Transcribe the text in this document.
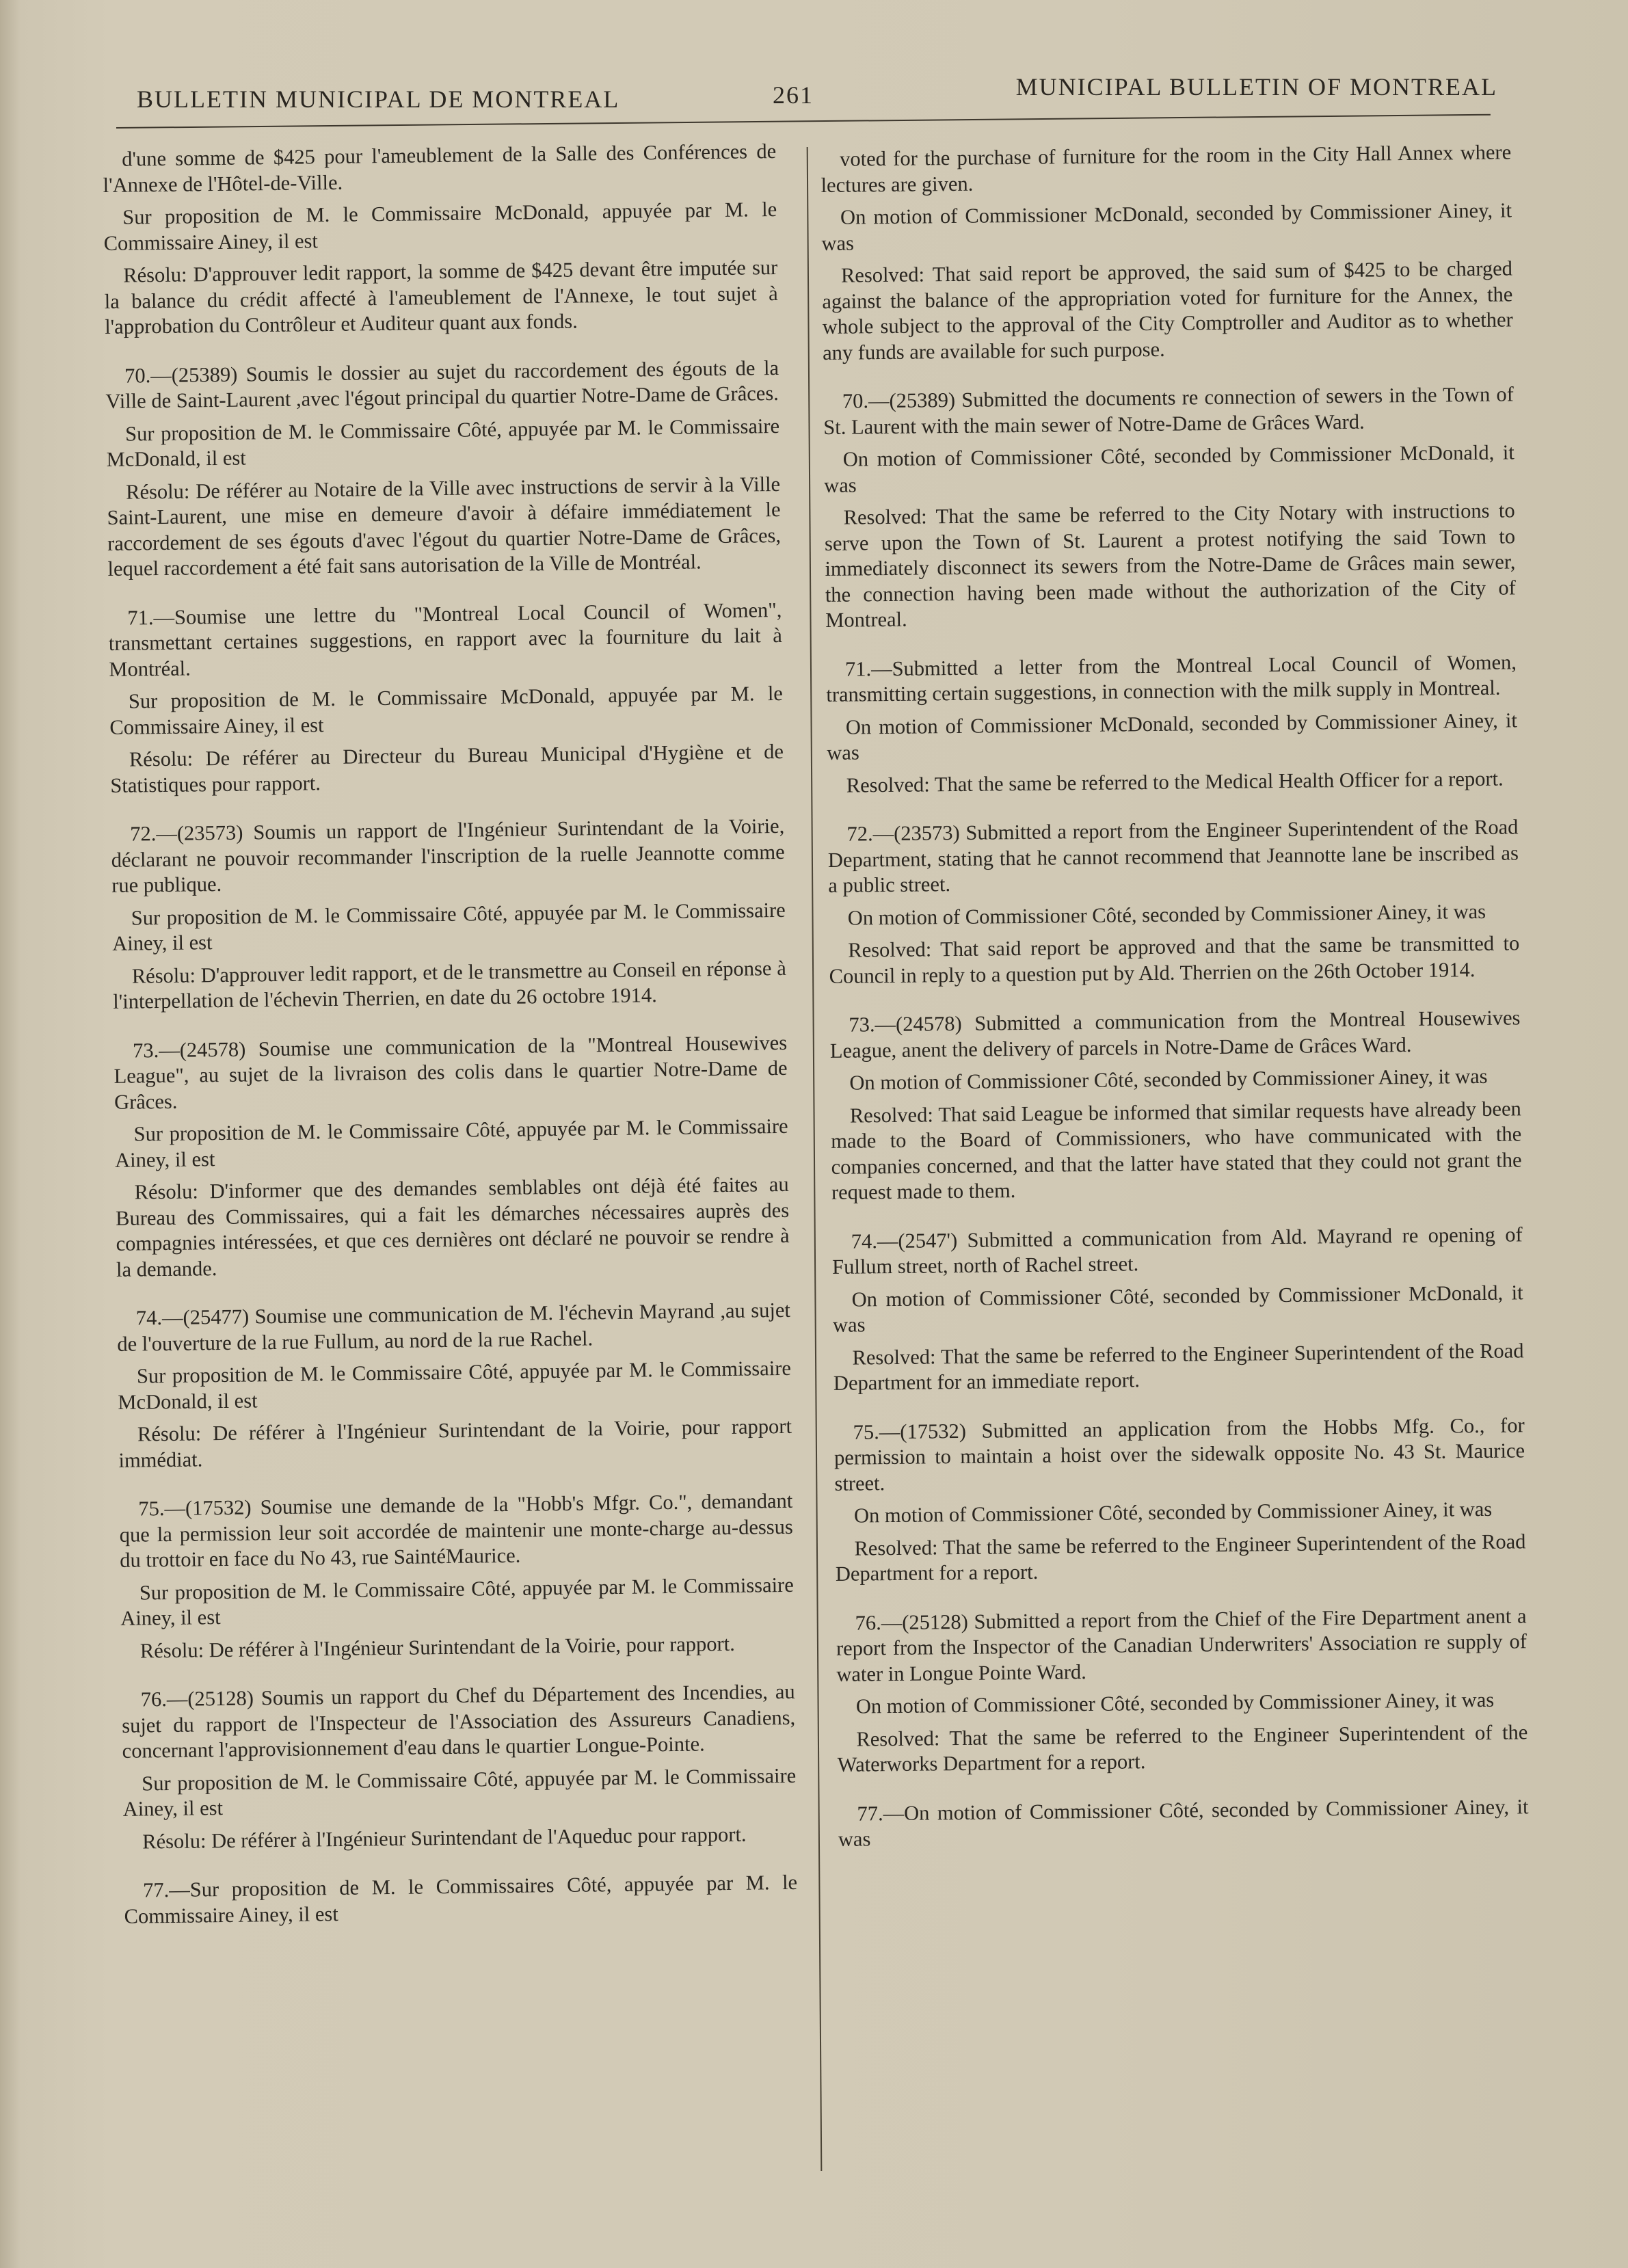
BULLETIN MUNICIPAL DE MONTREAL	261	MUNICIPAL BULLETIN OF MONTREAL

d'une somme de $425 pour l'ameublement de la Salle des Conférences de l'Annexe de l'Hôtel-de-Ville.

Sur proposition de M. le Commissaire McDonald, appuyée par M. le Commissaire Ainey, il est

Résolu: D'approuver ledit rapport, la somme de $425 devant être imputée sur la balance du crédit affecté à l'ameublement de l'Annexe, le tout sujet à l'approbation du Contrôleur et Auditeur quant aux fonds.

70.—(25389) Soumis le dossier au sujet du raccordement des égouts de la Ville de Saint-Laurent ,avec l'égout principal du quartier Notre-Dame de Grâces.

Sur proposition de M. le Commissaire Côté, appuyée par M. le Commissaire McDonald, il est

Résolu: De référer au Notaire de la Ville avec instructions de servir à la Ville Saint-Laurent, une mise en demeure d'avoir à défaire immédiatement le raccordement de ses égouts d'avec l'égout du quartier Notre-Dame de Grâces, lequel raccordement a été fait sans autorisation de la Ville de Montréal.

71.—Soumise une lettre du "Montreal Local Council of Women", transmettant certaines suggestions, en rapport avec la fourniture du lait à Montréal.

Sur proposition de M. le Commissaire McDonald, appuyée par M. le Commissaire Ainey, il est

Résolu: De référer au Directeur du Bureau Municipal d'Hygiène et de Statistiques pour rapport.

72.—(23573) Soumis un rapport de l'Ingénieur Surintendant de la Voirie, déclarant ne pouvoir recommander l'inscription de la ruelle Jeannotte comme rue publique.

Sur proposition de M. le Commissaire Côté, appuyée par M. le Commissaire Ainey, il est

Résolu: D'approuver ledit rapport, et de le transmettre au Conseil en réponse à l'interpellation de l'échevin Therrien, en date du 26 octobre 1914.

73.—(24578) Soumise une communication de la "Montreal Housewives League", au sujet de la livraison des colis dans le quartier Notre-Dame de Grâces.

Sur proposition de M. le Commissaire Côté, appuyée par M. le Commissaire Ainey, il est

Résolu: D'informer que des demandes semblables ont déjà été faites au Bureau des Commissaires, qui a fait les démarches nécessaires auprès des compagnies intéressées, et que ces dernières ont déclaré ne pouvoir se rendre à la demande.

74.—(25477) Soumise une communication de M. l'échevin Mayrand ,au sujet de l'ouverture de la rue Fullum, au nord de la rue Rachel.

Sur proposition de M. le Commissaire Côté, appuyée par M. le Commissaire McDonald, il est

Résolu: De référer à l'Ingénieur Surintendant de la Voirie, pour rapport immédiat.

75.—(17532) Soumise une demande de la "Hobb's Mfgr. Co.", demandant que la permission leur soit accordée de maintenir une monte-charge au-dessus du trottoir en face du No 43, rue SaintéMaurice.

Sur proposition de M. le Commissaire Côté, appuyée par M. le Commissaire Ainey, il est

Résolu: De référer à l'Ingénieur Surintendant de la Voirie, pour rapport.

76.—(25128) Soumis un rapport du Chef du Département des Incendies, au sujet du rapport de l'Inspecteur de l'Association des Assureurs Canadiens, concernant l'approvisionnement d'eau dans le quartier Longue-Pointe.

Sur proposition de M. le Commissaire Côté, appuyée par M. le Commissaire Ainey, il est

Résolu: De référer à l'Ingénieur Surintendant de l'Aqueduc pour rapport.

77.—Sur proposition de M. le Commissaires Côté, appuyée par M. le Commissaire Ainey, il est

voted for the purchase of furniture for the room in the City Hall Annex where lectures are given.

On motion of Commissioner McDonald, seconded by Commissioner Ainey, it was

Resolved: That said report be approved, the said sum of $425 to be charged against the balance of the appropriation voted for furniture for the Annex, the whole subject to the approval of the City Comptroller and Auditor as to whether any funds are available for such purpose.

70.—(25389) Submitted the documents re connection of sewers in the Town of St. Laurent with the main sewer of Notre-Dame de Grâces Ward.

On motion of Commissioner Côté, seconded by Commissioner McDonald, it was

Resolved: That the same be referred to the City Notary with instructions to serve upon the Town of St. Laurent a protest notifying the said Town to immediately disconnect its sewers from the Notre-Dame de Grâces main sewer, the connection having been made without the authorization of the City of Montreal.

71.—Submitted a letter from the Montreal Local Council of Women, transmitting certain suggestions, in connection with the milk supply in Montreal.

On motion of Commissioner McDonald, seconded by Commissioner Ainey, it was

Resolved: That the same be referred to the Medical Health Officer for a report.

72.—(23573) Submitted a report from the Engineer Superintendent of the Road Department, stating that he cannot recommend that Jeannotte lane be inscribed as a public street.

On motion of Commissioner Côté, seconded by Commissioner Ainey, it was

Resolved: That said report be approved and that the same be transmitted to Council in reply to a question put by Ald. Therrien on the 26th October 1914.

73.—(24578) Submitted a communication from the Montreal Housewives League, anent the delivery of parcels in Notre-Dame de Grâces Ward.

On motion of Commissioner Côté, seconded by Commissioner Ainey, it was

Resolved: That said League be informed that similar requests have already been made to the Board of Commissioners, who have communicated with the companies concerned, and that the latter have stated that they could not grant the request made to them.

74.—(2547') Submitted a communication from Ald. Mayrand re opening of Fullum street, north of Rachel street.

On motion of Commissioner Côté, seconded by Commissioner McDonald, it was

Resolved: That the same be referred to the Engineer Superintendent of the Road Department for an immediate report.

75.—(17532) Submitted an application from the Hobbs Mfg. Co., for permission to maintain a hoist over the sidewalk opposite No. 43 St. Maurice street.

On motion of Commissioner Côté, seconded by Commissioner Ainey, it was

Resolved: That the same be referred to the Engineer Superintendent of the Road Department for a report.

76.—(25128) Submitted a report from the Chief of the Fire Department anent a report from the Inspector of the Canadian Underwriters' Association re supply of water in Longue Pointe Ward.

On motion of Commissioner Côté, seconded by Commissioner Ainey, it was

Resolved: That the same be referred to the Engineer Superintendent of the Waterworks Department for a report.

77.—On motion of Commissioner Côté, seconded by Commissioner Ainey, it was
